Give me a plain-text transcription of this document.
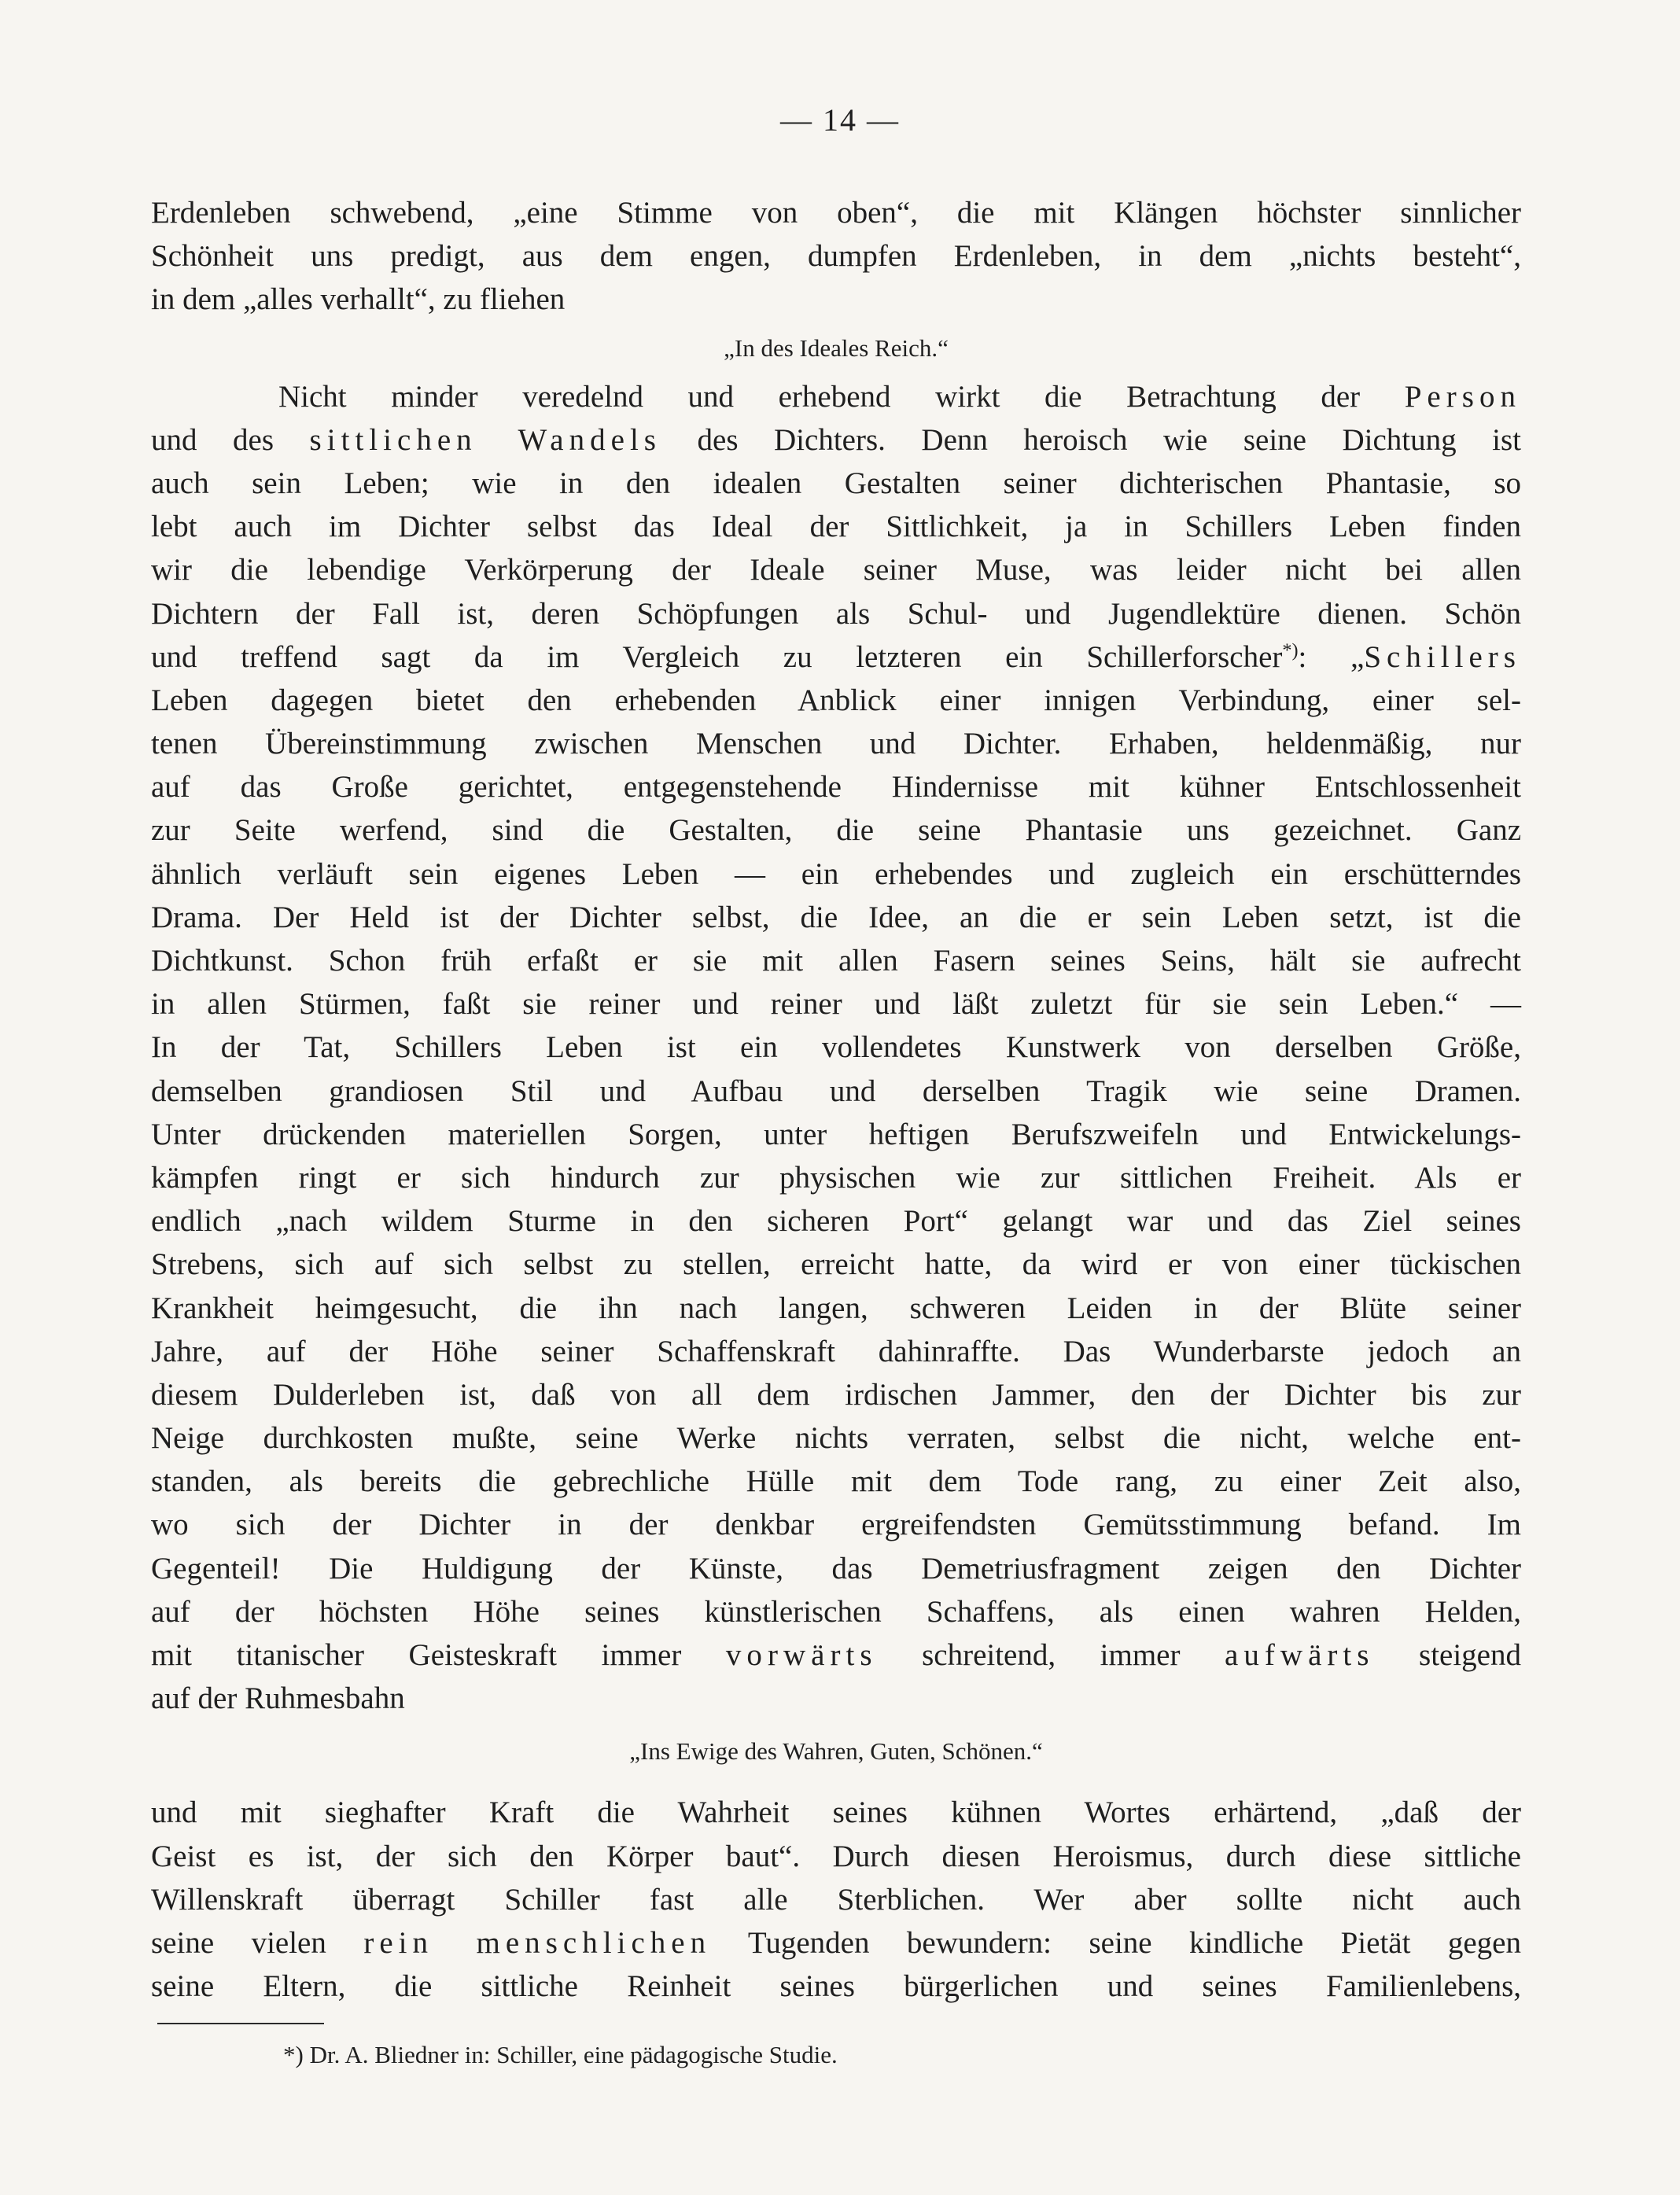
— 14 —
Erdenleben schwebend, „eine Stimme von oben“, die mit Klängen höchster sinnlicher
Schönheit uns predigt, aus dem engen, dumpfen Erdenleben, in dem „nichts besteht“,
in dem „alles verhallt“, zu fliehen
„In des Ideales Reich.“
Nicht minder veredelnd und erhebend wirkt die Betrachtung der Person
und des sittlichen Wandels des Dichters. Denn heroisch wie seine Dichtung ist
auch sein Leben; wie in den idealen Gestalten seiner dichterischen Phantasie, so
lebt auch im Dichter selbst das Ideal der Sittlichkeit, ja in Schillers Leben finden
wir die lebendige Verkörperung der Ideale seiner Muse, was leider nicht bei allen
Dichtern der Fall ist, deren Schöpfungen als Schul- und Jugendlektüre dienen. Schön
und treffend sagt da im Vergleich zu letzteren ein Schillerforscher*): „Schillers
Leben dagegen bietet den erhebenden Anblick einer innigen Verbindung, einer sel-
tenen Übereinstimmung zwischen Menschen und Dichter. Erhaben, heldenmäßig, nur
auf das Große gerichtet, entgegenstehende Hindernisse mit kühner Entschlossenheit
zur Seite werfend, sind die Gestalten, die seine Phantasie uns gezeichnet. Ganz
ähnlich verläuft sein eigenes Leben — ein erhebendes und zugleich ein erschütterndes
Drama. Der Held ist der Dichter selbst, die Idee, an die er sein Leben setzt, ist die
Dichtkunst. Schon früh erfaßt er sie mit allen Fasern seines Seins, hält sie aufrecht
in allen Stürmen, faßt sie reiner und reiner und läßt zuletzt für sie sein Leben.“ —
In der Tat, Schillers Leben ist ein vollendetes Kunstwerk von derselben Größe,
demselben grandiosen Stil und Aufbau und derselben Tragik wie seine Dramen.
Unter drückenden materiellen Sorgen, unter heftigen Berufszweifeln und Entwickelungs-
kämpfen ringt er sich hindurch zur physischen wie zur sittlichen Freiheit. Als er
endlich „nach wildem Sturme in den sicheren Port“ gelangt war und das Ziel seines
Strebens, sich auf sich selbst zu stellen, erreicht hatte, da wird er von einer tückischen
Krankheit heimgesucht, die ihn nach langen, schweren Leiden in der Blüte seiner
Jahre, auf der Höhe seiner Schaffenskraft dahinraffte. Das Wunderbarste jedoch an
diesem Dulderleben ist, daß von all dem irdischen Jammer, den der Dichter bis zur
Neige durchkosten mußte, seine Werke nichts verraten, selbst die nicht, welche ent-
standen, als bereits die gebrechliche Hülle mit dem Tode rang, zu einer Zeit also,
wo sich der Dichter in der denkbar ergreifendsten Gemütsstimmung befand. Im
Gegenteil! Die Huldigung der Künste, das Demetriusfragment zeigen den Dichter
auf der höchsten Höhe seines künstlerischen Schaffens, als einen wahren Helden,
mit titanischer Geisteskraft immer vorwärts schreitend, immer aufwärts steigend
auf der Ruhmesbahn
„Ins Ewige des Wahren, Guten, Schönen.“
und mit sieghafter Kraft die Wahrheit seines kühnen Wortes erhärtend, „daß der
Geist es ist, der sich den Körper baut“. Durch diesen Heroismus, durch diese sittliche
Willenskraft überragt Schiller fast alle Sterblichen. Wer aber sollte nicht auch
seine vielen rein menschlichen Tugenden bewundern: seine kindliche Pietät gegen
seine Eltern, die sittliche Reinheit seines bürgerlichen und seines Familienlebens,
*) Dr. A. Bliedner in: Schiller, eine pädagogische Studie.
